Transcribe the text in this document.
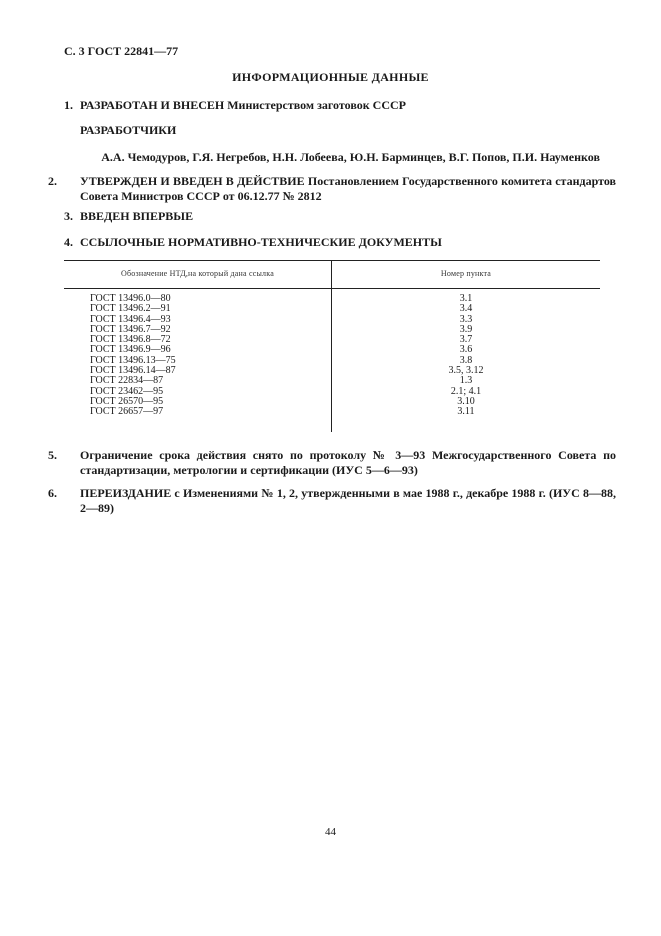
С. 3 ГОСТ 22841—77
ИНФОРМАЦИОННЫЕ ДАННЫЕ
1. РАЗРАБОТАН И ВНЕСЕН Министерством заготовок СССР
РАЗРАБОТЧИКИ
А.А. Чемодуров, Г.Я. Негребов, Н.Н. Лобеева, Ю.Н. Барминцев, В.Г. Попов, П.И. Науменков
2. УТВЕРЖДЕН И ВВЕДЕН В ДЕЙСТВИЕ Постановлением Государственного комитета стандартов Совета Министров СССР от 06.12.77 № 2812
3. ВВЕДЕН ВПЕРВЫЕ
4. ССЫЛОЧНЫЕ НОРМАТИВНО-ТЕХНИЧЕСКИЕ ДОКУМЕНТЫ
Обозначение НТД,на который дана ссылка	Номер пункта
ГОСТ 13496.0—80	3.1
ГОСТ 13496.2—91	3.4
ГОСТ 13496.4—93	3.3
ГОСТ 13496.7—92	3.9
ГОСТ 13496.8—72	3.7
ГОСТ 13496.9—96	3.6
ГОСТ 13496.13—75	3.8
ГОСТ 13496.14—87	3.5, 3.12
ГОСТ 22834—87	1.3
ГОСТ 23462—95	2.1; 4.1
ГОСТ 26570—95	3.10
ГОСТ 26657—97	3.11
5. Ограничение срока действия снято по протоколу № 3—93 Межгосударственного Совета по стандартизации, метрологии и сертификации (ИУС 5—6—93)
6. ПЕРЕИЗДАНИЕ с Изменениями № 1, 2, утвержденными в мае 1988 г., декабре 1988 г. (ИУС 8—88, 2—89)
44
